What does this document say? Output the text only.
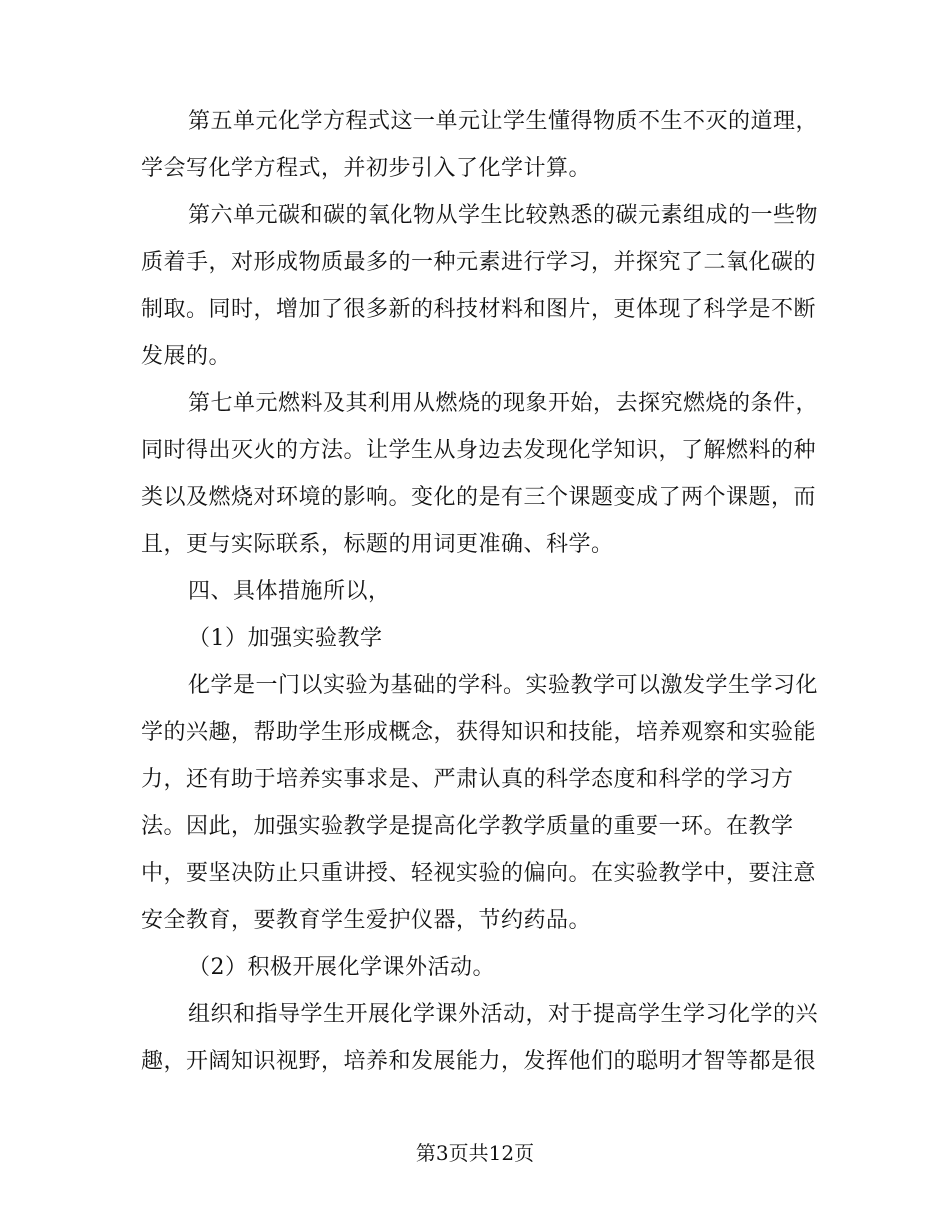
第五单元化学方程式这一单元让学生懂得物质不生不灭的道理，
学会写化学方程式，并初步引入了化学计算。
第六单元碳和碳的氧化物从学生比较熟悉的碳元素组成的一些物
质着手，对形成物质最多的一种元素进行学习，并探究了二氧化碳的
制取。同时，增加了很多新的科技材料和图片，更体现了科学是不断
发展的。
第七单元燃料及其利用从燃烧的现象开始，去探究燃烧的条件，
同时得出灭火的方法。让学生从身边去发现化学知识，了解燃料的种
类以及燃烧对环境的影响。变化的是有三个课题变成了两个课题，而
且，更与实际联系，标题的用词更准确、科学。
四、具体措施所以，
（1）加强实验教学
化学是一门以实验为基础的学科。实验教学可以激发学生学习化
学的兴趣，帮助学生形成概念，获得知识和技能，培养观察和实验能
力，还有助于培养实事求是、严肃认真的科学态度和科学的学习方
法。因此，加强实验教学是提高化学教学质量的重要一环。在教学
中，要坚决防止只重讲授、轻视实验的偏向。在实验教学中，要注意
安全教育，要教育学生爱护仪器，节约药品。
（2）积极开展化学课外活动。
组织和指导学生开展化学课外活动，对于提高学生学习化学的兴
趣，开阔知识视野，培养和发展能力，发挥他们的聪明才智等都是很
第3页共12页
